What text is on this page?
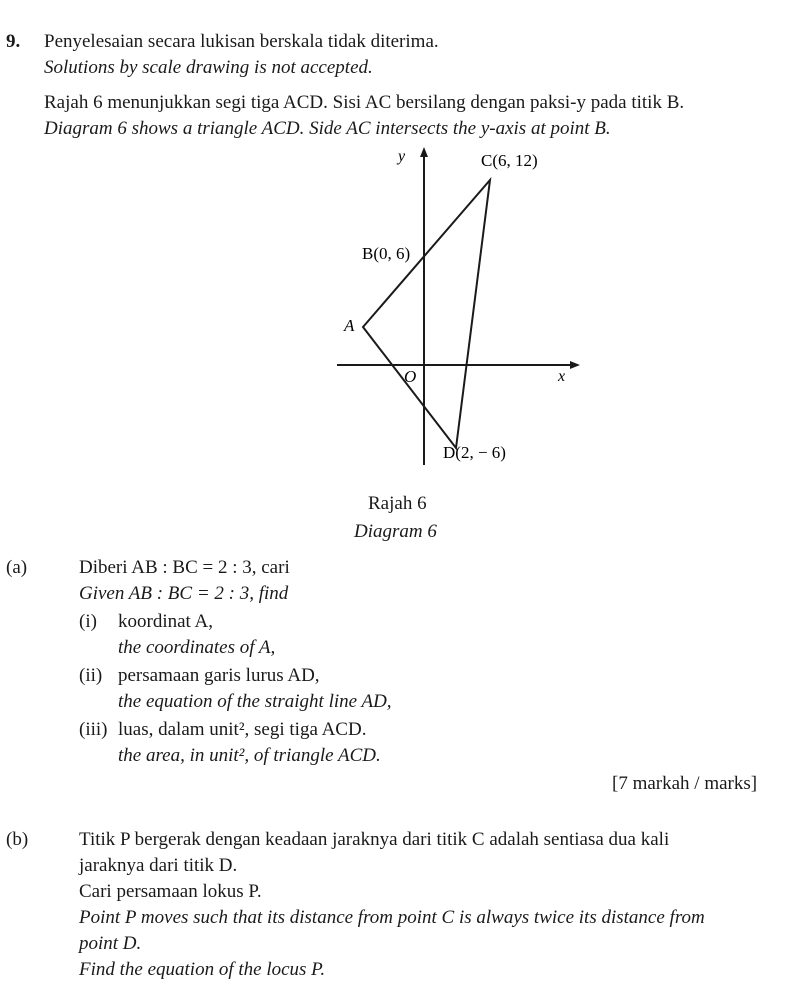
9. Penyelesaian secara lukisan berskala tidak diterima.
Solutions by scale drawing is not accepted.
Rajah 6 menunjukkan segi tiga ACD. Sisi AC bersilang dengan paksi-y pada titik B.
Diagram 6 shows a triangle ACD. Side AC intersects the y-axis at point B.
y
x
O
A
B(0, 6)
C(6, 12)
D(2, − 6)
Rajah 6
Diagram 6
(a)	Diberi AB : BC = 2 : 3, cari
Given AB : BC = 2 : 3, find
(i) koordinat A,
the coordinates of A,
(ii) persamaan garis lurus AD,
the equation of the straight line AD,
(iii) luas, dalam unit², segi tiga ACD.
the area, in unit², of triangle ACD.
[7 markah / marks]
(b)	Titik P bergerak dengan keadaan jaraknya dari titik C adalah sentiasa dua kali
jaraknya dari titik D.
Cari persamaan lokus P.
Point P moves such that its distance from point C is always twice its distance from
point D.
Find the equation of the locus P.
